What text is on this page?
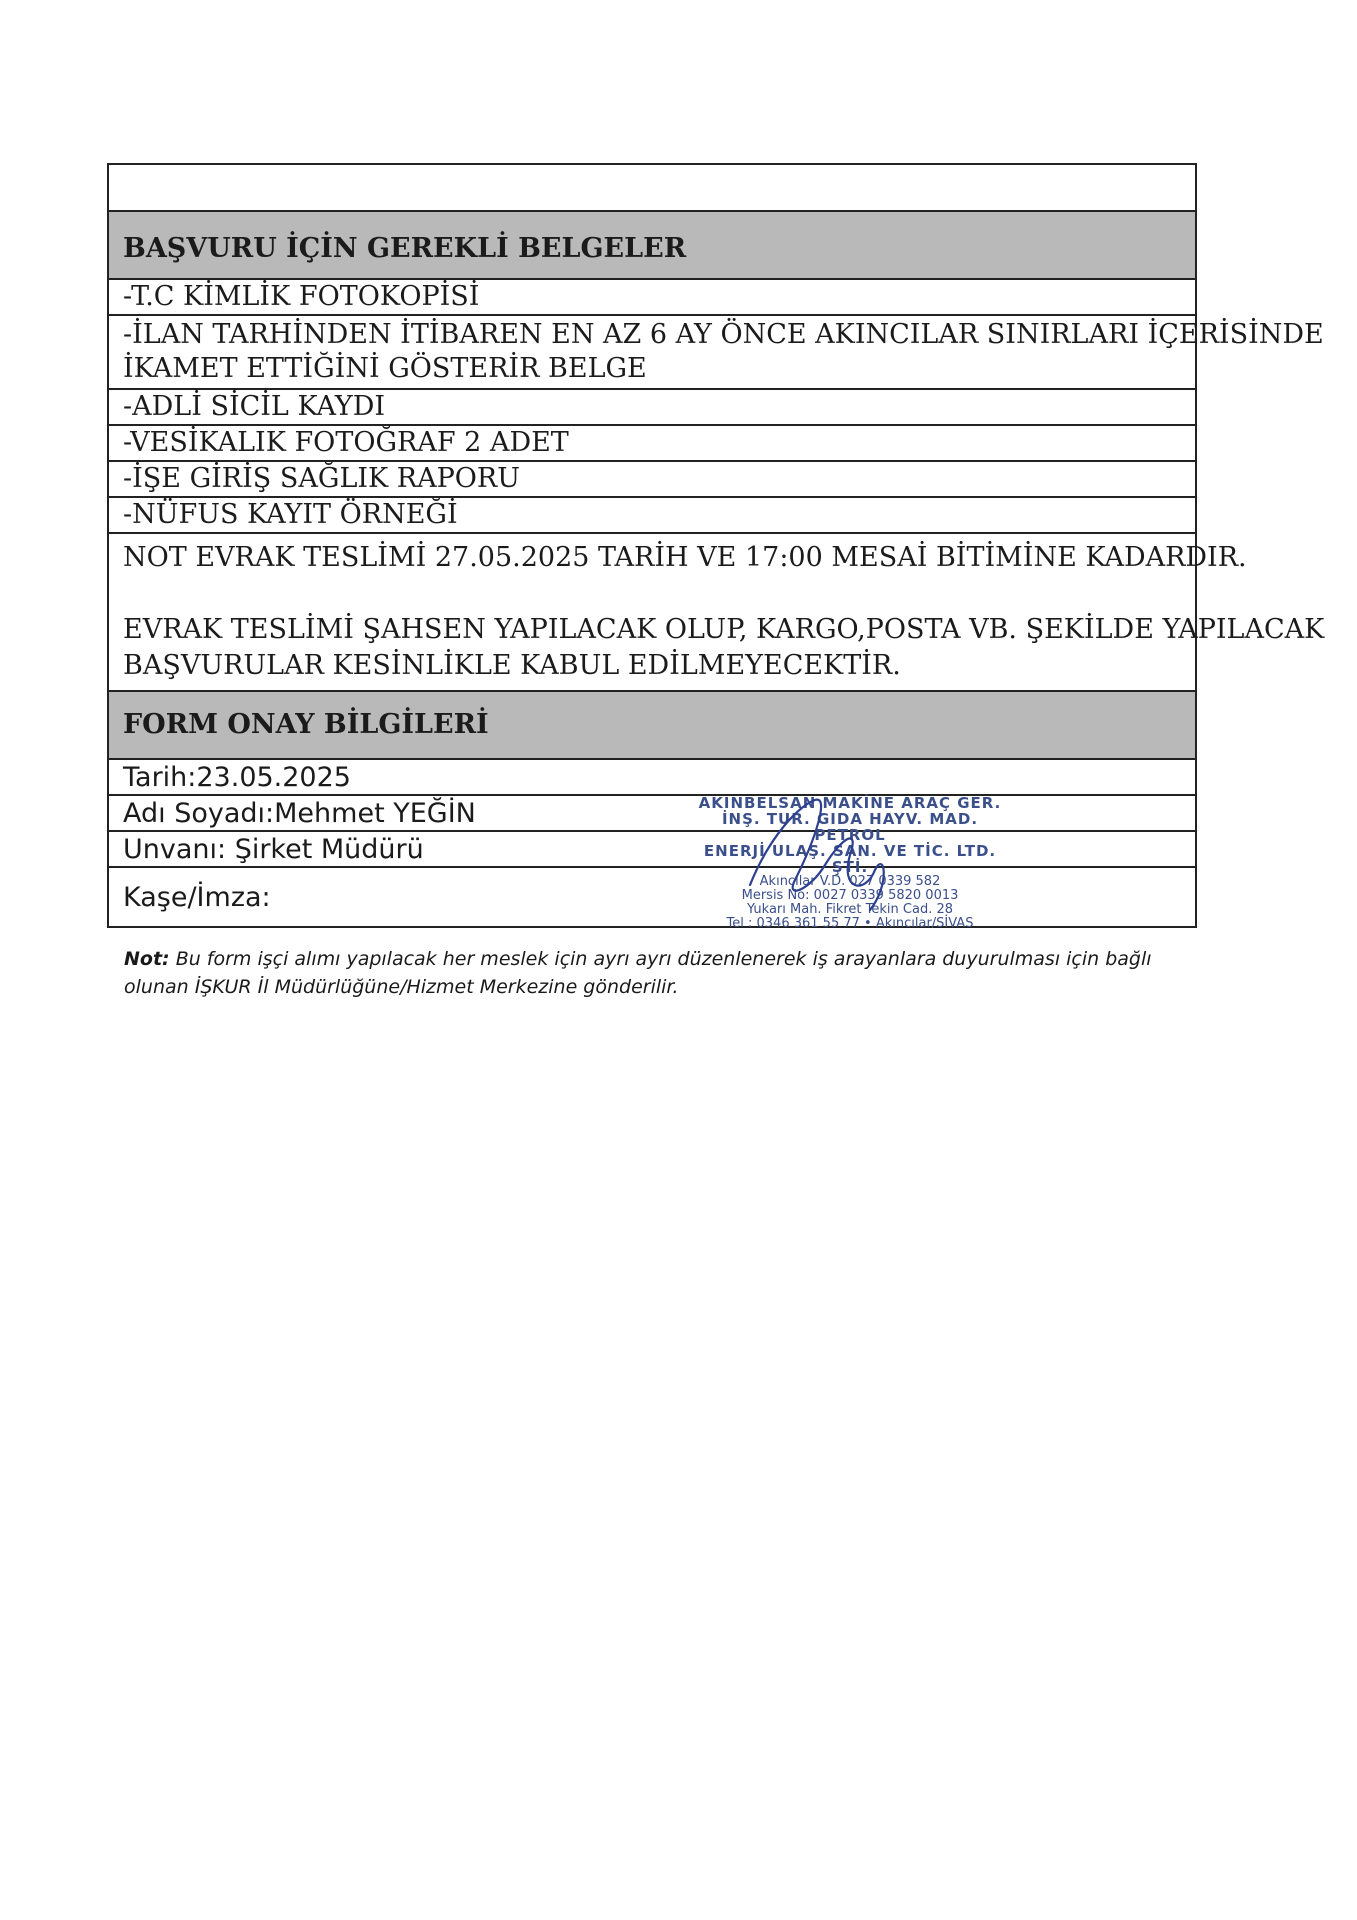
BAŞVURU İÇİN GEREKLİ BELGELER
-T.C KİMLİK FOTOKOPİSİ
-İLAN TARHİNDEN İTİBAREN EN AZ 6 AY ÖNCE AKINCILAR SINIRLARI İÇERİSİNDE
İKAMET ETTİĞİNİ GÖSTERİR BELGE
-ADLİ SİCİL KAYDI
-VESİKALIK FOTOĞRAF 2 ADET
-İŞE GİRİŞ SAĞLIK RAPORU
-NÜFUS KAYIT ÖRNEĞİ

NOT EVRAK TESLİMİ 27.05.2025 TARİH VE 17:00 MESAİ BİTİMİNE KADARDIR.

EVRAK TESLİMİ ŞAHSEN YAPILACAK OLUP, KARGO,POSTA VB. ŞEKİLDE YAPILACAK

BAŞVURULAR KESİNLİKLE KABUL EDİLMEYECEKTİR.

FORM ONAY BİLGİLERİ
Tarih:23.05.2025
Adı Soyadı:Mehmet YEĞİN
Unvanı: Şirket Müdürü
Kaşe/İmza:
AKINBELSAN MAKİNE ARAÇ GER.
İNŞ. TUR. GIDA HAYV. MAD. PETROL
ENERJİ ULAŞ. SAN. VE TİC. LTD. ŞTİ.
Akıncılar V.D. 027 0339 582
Mersis No: 0027 0339 5820 0013
Yukarı Mah. Fikret Tekin Cad. 28
Tel : 0346 361 55 77 • Akıncılar/SİVAS
Not: Bu form işçi alımı yapılacak her meslek için ayrı ayrı düzenlenerek iş arayanlara duyurulması için bağlı olunan İŞKUR İl Müdürlüğüne/Hizmet Merkezine gönderilir.
